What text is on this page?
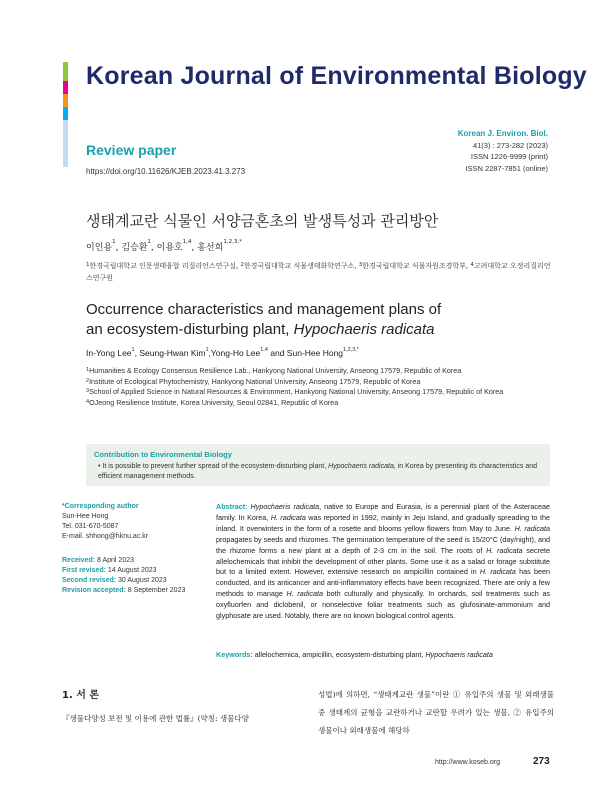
Korean Journal of Environmental Biology
Review paper
https://doi.org/10.11626/KJEB.2023.41.3.273
Korean J. Environ. Biol.
41(3) : 273-282 (2023)
ISSN 1226-9999 (print)
ISSN 2287-7851 (online)
생태계교란 식물인 서양금혼초의 발생특성과 관리방안
이인용$^1$, 김승환$^1$, 이용호$^{1,4}$, 홍선희$^{1,2,3,*}$
$^1$한경국립대학교 인문생태융합 리질리언스연구실, $^2$한경국립대학교 식물생태화학연구소, $^3$한경국립대학교 식물자원조경학부, $^4$고려대학교 오정리질리언스연구원
Occurrence characteristics and management plans of
an ecosystem-disturbing plant, Hypochaeris radicata
In-Yong Lee$^1$, Seung-Hwan Kim$^1$,Yong-Ho Lee$^{1,4}$ and Sun-Hee Hong$^{1,2,3,*}$
$^1$Humanities & Ecology Consensus Resilience Lab., Hankyong National University, Anseong 17579, Republic of Korea
$^2$Institute of Ecological Phytochemistry, Hankyong National University, Anseong 17579, Republic of Korea
$^3$School of Applied Science in Natural Resources & Environment, Hankyong National University, Anseong 17579, Republic of Korea
$^4$OJeong Resilience Institute, Korea University, Seoul 02841, Republic of Korea
Contribution to Environmental Biology
• It is possible to prevent further spread of the ecosystem-disturbing plant, Hypochaeris radicata, in Korea by presenting its characteristics and efficient management methods.
*Corresponding author
Sun-Hee Hong
Tel. 031-670-5087
E-mail. shhong@hknu.ac.kr
Received: 8 April 2023
First revised: 14 August 2023
Second revised: 30 August 2023
Revision accepted: 8 September 2023
Abstract: Hypochaeris radicata, native to Europe and Eurasia, is a perennial plant of the Asteraceae family. In Korea, H. radicata was reported in 1992, mainly in Jeju Island, and gradually spreading to the inland. It overwinters in the form of a rosette and blooms yellow flowers from May to June. H. radicata propagates by seeds and rhizomes. The germination temperature of the seed is 15/20°C (day/night), and the rhizome forms a new plant at a depth of 2-3 cm in the soil. The roots of H. radicata secrete allelochemicals that inhibit the development of other plants. Some use it as a salad or forage substitute but to a limited extent. However, extensive research on ampicillin contained in H. radicata has been conducted, and its anticancer and anti-inflammatory effects have been recognized. There are only a few methods to manage H. radicata both culturally and physically. In orchards, soil treatments such as oxyfluorfen and diclobenil, or nonselective foliar treatments such as glufosinate-ammonium and glyphosate are used. Notably, there are no known biological control agents.
Keywords: allelochemica, ampicillin, ecosystem-disturbing plant, Hypochaeris radicata
1. 서 론
『생물다양성 보전 및 이용에 관한 법률』(약칭: 생물다양
성법)에 의하면, “생태계교란 생물”이란 ① 유입주의 생물 및 외래생물 중 생태계의 균형을 교란하거나 교란할 우려가 있는 생물, ② 유입주의 생물이나 외래생물에 해당하
http://www.koseb.org	273
